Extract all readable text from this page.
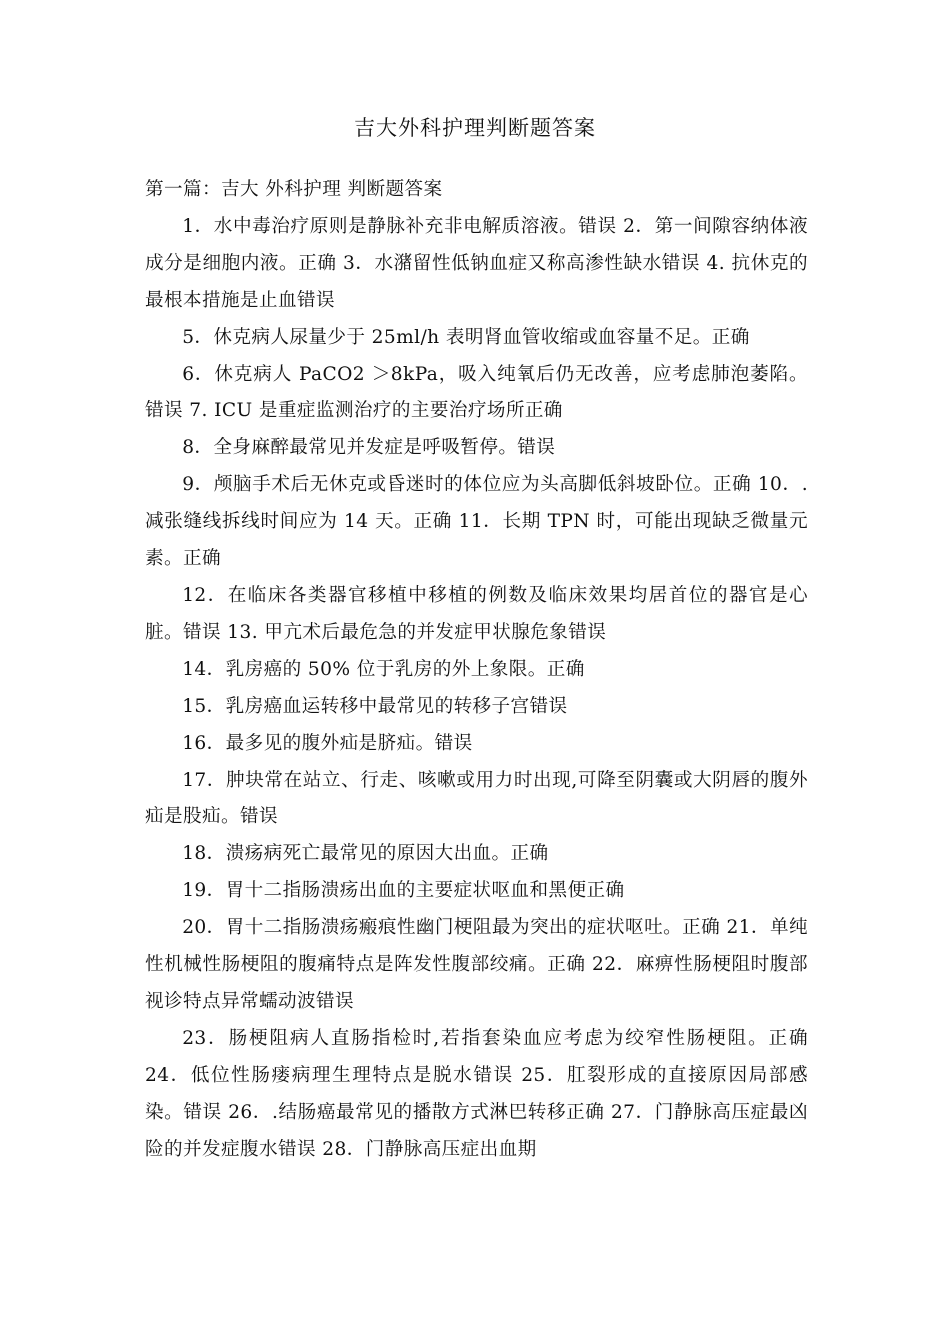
吉大外科护理判断题答案

第一篇：吉大 外科护理 判断题答案

1．水中毒治疗原则是静脉补充非电解质溶液。错误 2．第一间隙容纳体液成分是细胞内液。正确 3．水潴留性低钠血症又称高渗性缺水错误 4. 抗休克的最根本措施是止血错误

5．休克病人尿量少于 25ml/h 表明肾血管收缩或血容量不足。正确

6．休克病人 PaCO2 ＞8kPa，吸入纯氧后仍无改善，应考虑肺泡萎陷。错误 7. ICU 是重症监测治疗的主要治疗场所正确

8．全身麻醉最常见并发症是呼吸暂停。错误

9．颅脑手术后无休克或昏迷时的体位应为头高脚低斜坡卧位。正确 10．.减张缝线拆线时间应为 14 天。正确 11．长期 TPN 时，可能出现缺乏微量元素。正确

12．在临床各类器官移植中移植的例数及临床效果均居首位的器官是心脏。错误 13. 甲亢术后最危急的并发症甲状腺危象错误

14．乳房癌的 50% 位于乳房的外上象限。正确

15．乳房癌血运转移中最常见的转移子宫错误

16．最多见的腹外疝是脐疝。错误

17．肿块常在站立、行走、咳嗽或用力时出现,可降至阴囊或大阴唇的腹外疝是股疝。错误

18．溃疡病死亡最常见的原因大出血。正确

19．胃十二指肠溃疡出血的主要症状呕血和黑便正确

20．胃十二指肠溃疡瘢痕性幽门梗阻最为突出的症状呕吐。正确 21．单纯性机械性肠梗阻的腹痛特点是阵发性腹部绞痛。正确 22．麻痹性肠梗阻时腹部视诊特点异常蠕动波错误

23．肠梗阻病人直肠指检时,若指套染血应考虑为绞窄性肠梗阻。正确 24．低位性肠瘘病理生理特点是脱水错误 25．肛裂形成的直接原因局部感染。错误 26．.结肠癌最常见的播散方式淋巴转移正确 27．门静脉高压症最凶险的并发症腹水错误 28．门静脉高压症出血期
